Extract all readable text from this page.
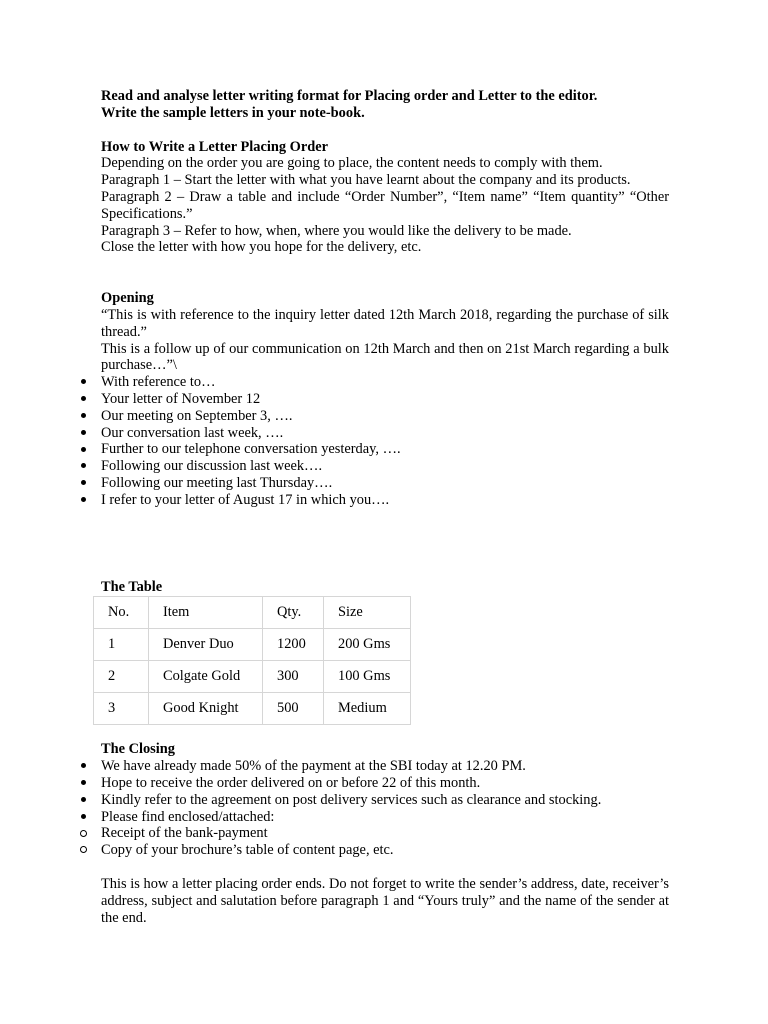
Read and analyse letter writing format for Placing order and Letter to the editor.

Write the sample letters in your note-book.

How to Write a Letter Placing Order

Depending on the order you are going to place, the content needs to comply with them.

Paragraph 1 – Start the letter with what you have learnt about the company and its products.

Paragraph 2 – Draw a table and include “Order Number”, “Item name” “Item quantity” “Other Specifications.”

Paragraph 3 – Refer to how, when, where you would like the delivery to be made.

Close the letter with how you hope for the delivery, etc.

Opening

“This is with reference to the inquiry letter dated 12th March 2018, regarding the purchase of silk thread.”

This is a follow up of our communication on 12th March and then on 21st March regarding a bulk purchase…”\

With reference to…
Your letter of November 12
Our meeting on September 3, ….
Our conversation last week, ….
Further to our telephone conversation yesterday, ….
Following our discussion last week….
Following our meeting last Thursday….
I refer to your letter of August 17 in which you….

The Table

No.	Item	Qty.	Size
1	Denver Duo	1200	200 Gms
2	Colgate Gold	300	100 Gms
3	Good Knight	500	Medium

The Closing

We have already made 50% of the payment at the SBI today at 12.20 PM.
Hope to receive the order delivered on or before 22 of this month.
Kindly refer to the agreement on post delivery services such as clearance and stocking.
Please find enclosed/attached:
Receipt of the bank-payment
Copy of your brochure’s table of content page, etc.

This is how a letter placing order ends. Do not forget to write the sender’s address, date, receiver’s address, subject and salutation before paragraph 1 and “Yours truly” and the name of the sender at the end.
